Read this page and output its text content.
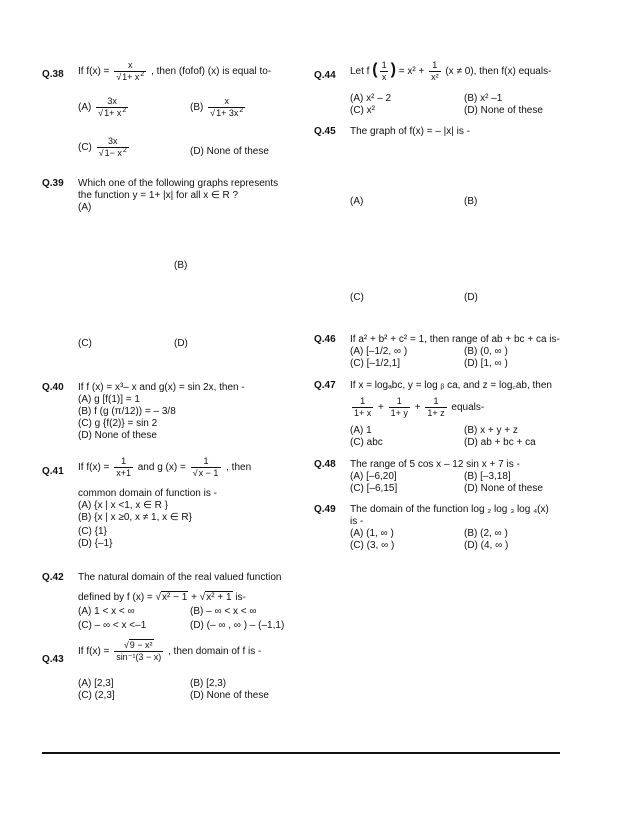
Q.38 If $f(x) = \frac{x}{√1+ x^2}$ , then (fofof) (x) is equal to-
$(A) \frac{3x}{√1+ x^2}$	$(B) \frac{x}{√1+ 3x^2}$
$(C) \frac{3x}{√1- x^2}$	(D) None of these
Q.39 Which one of the following graphs represents
the function y = 1+ |x| for all x ∈ R ?
(A)
(B)
(C)	(D)
Q.40 If f (x) = x³– x and g(x) = sin 2x, then -
(A) g [f(1)] = 1
(B) f (g (π/12)) = – 3/8
(C) g {f(2)} = sin 2
(D) None of these
Q.41 If $f(x) = \frac{1}{x+1}$ and g $(x) = \frac{1}{√x - 1}$ , then
common domain of function is -
(A) {x | x <1, x ∈ R }
(B) {x | x ≥0, x ≠ 1, x ∈ R}
(C) {1}
(D) {–1}
Q.42 The natural domain of the real valued function
defined by f (x) = √x² − 1 + √x² + 1 is-
(A) 1 < x < ∞	(B) – ∞ < x < ∞
(C) – ∞ < x <–1	(D) (– ∞ , ∞ ) – (–1,1)
Q.43
If $f(x) = \frac{\text{√9 − x²}}{\text{sin⁻¹(3 − x)}}$ , then domain of f is -
(A) [2,3]	(B) [2,3)
(C) (2,3]	(D) None of these
Q.44 Let f ( $\frac{1}{x}$ ) = $x^2 + \frac{1}{\text{x²}} (x \ne 0)$, then f(x) equals-
(A) x² – 2	(B) x² –1
(C) x²	(D) None of these
Q.45 The graph of f(x) = – |x| is -
(A)	(B)
(C)	(D)
Q.46 If a² + b² + c² = 1, then range of ab + bc + ca is-
(A) [–1/2, ∞ )	(B) (0, ∞ )
(C) [–1/2,1]	(D) [1, ∞ )
Q.47 If x = logₐbc, y = log ᵦ ca, and z = log꜀ab, then
$\frac{1}{1+ x} + \frac{1}{1+ y} + \frac{1}{1+ z}$ equals-
(A) 1	(B) x + y + z
(C) abc	(D) ab + bc + ca
Q.48 The range of 5 cos x – 12 sin x + 7 is -
(A) [–6,20]	(B) [–3,18]
(C) [–6,15]	(D) None of these
Q.49 The domain of the function log ₂ log ₃ log ₄(x)
is -
(A) (1, ∞ )	(B) (2, ∞ )
(C) (3, ∞ )	(D) (4, ∞ )
